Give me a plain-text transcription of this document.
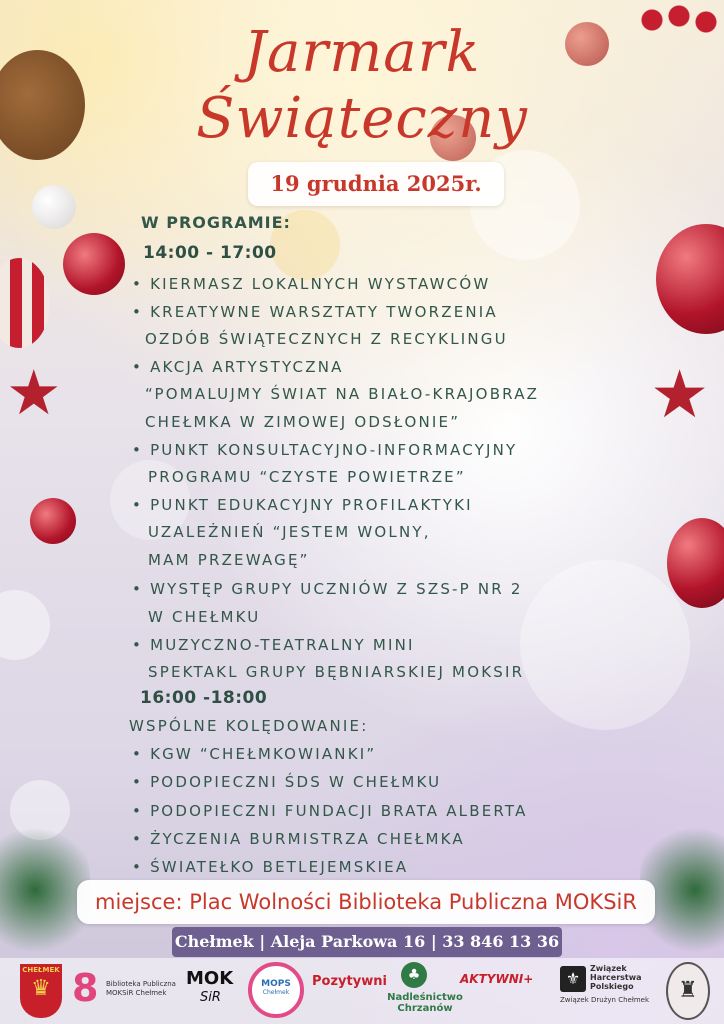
★	★
Jarmark
Świąteczny
19 grudnia 2025r.
W PROGRAMIE:
14:00 - 17:00
• KIERMASZ LOKALNYCH WYSTAWCÓW
• KREATYWNE WARSZTATY TWORZENIA
OZDÓB ŚWIĄTECZNYCH Z RECYKLINGU
• AKCJA ARTYSTYCZNA
“POMALUJMY ŚWIAT NA BIAŁO-KRAJOBRAZ
CHEŁMKA W ZIMOWEJ ODSŁONIE”
• PUNKT KONSULTACYJNO-INFORMACYJNY
PROGRAMU “CZYSTE POWIETRZE”
• PUNKT EDUKACYJNY PROFILAKTYKI
UZALEŻNIEŃ “JESTEM WOLNY,
MAM PRZEWAGĘ”
• WYSTĘP GRUPY UCZNIÓW Z SZS-P NR 2
W CHEŁMKU
• MUZYCZNO-TEATRALNY MINI
SPEKTAKL GRUPY BĘBNIARSKIEJ MOKSIR
16:00 -18:00
WSPÓLNE KOLĘDOWANIE:
• KGW “CHEŁMKOWIANKI”
• PODOPIECZNI ŚDS W CHEŁMKU
• PODOPIECZNI FUNDACJI BRATA ALBERTA
• ŻYCZENIA BURMISTRZA CHEŁMKA
• ŚWIATEŁKO BETLEJEMSKIEA
miejsce: Plac Wolności Biblioteka Publiczna MOKSiR
Chełmek | Aleja Parkowa 16 | 33 846 13 36
CHEŁMEK
♛ 8 Biblioteka Publiczna
MOKSiR Chełmek
MOK
SiR
MOPS
Chełmek
Pozytywni	♣
Nadleśnictwo Chrzanów
AKTYWNI+	⚜
Związek
Harcerstwa
Polskiego
Związek Drużyn Chełmek	♜
